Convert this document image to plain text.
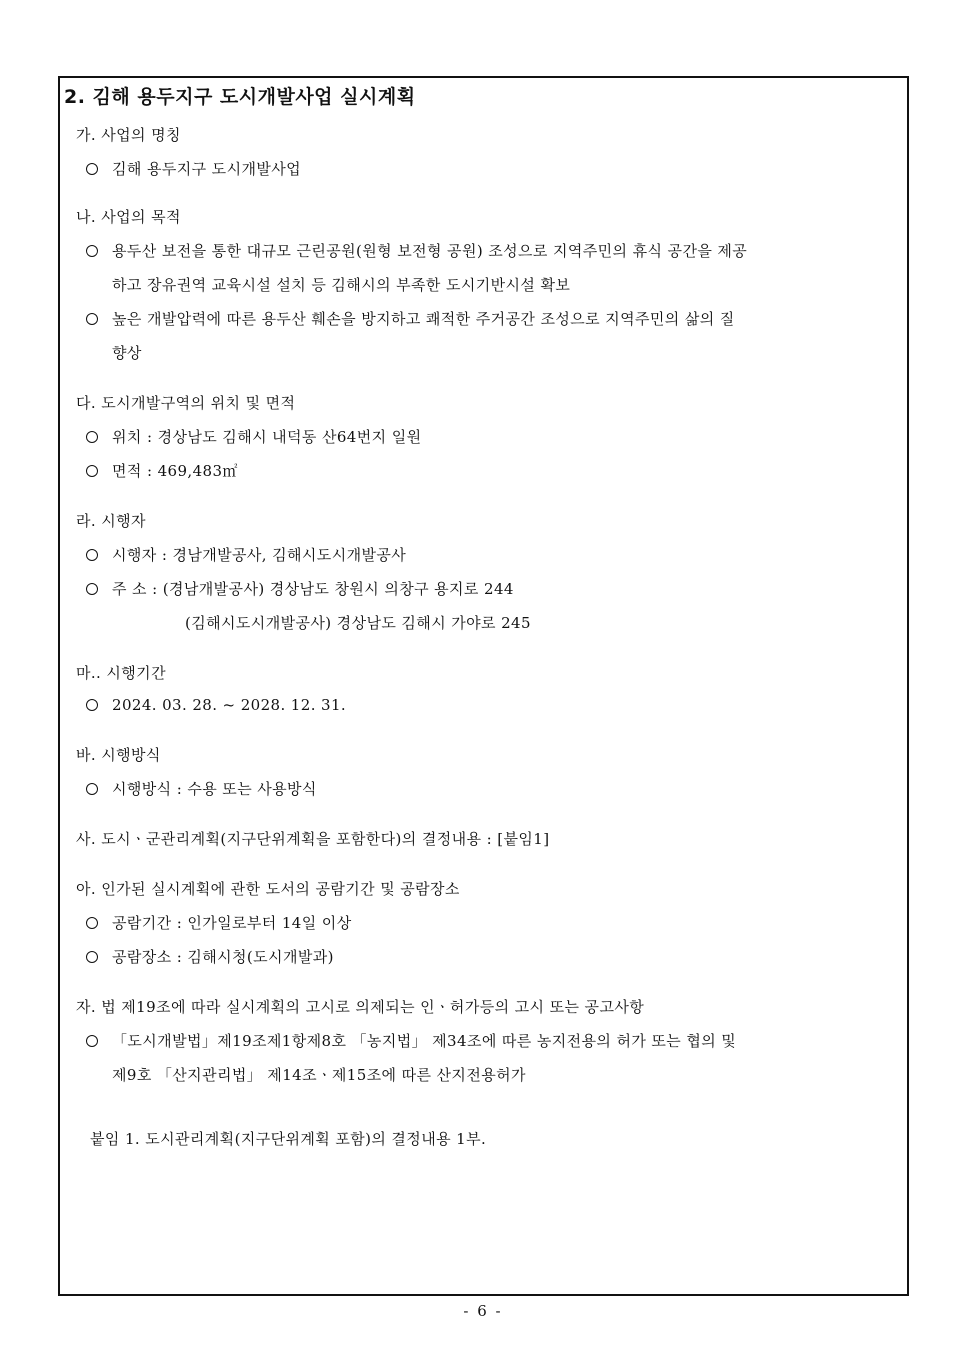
2. 김해 용두지구 도시개발사업 실시계획
가. 사업의 명칭
김해 용두지구 도시개발사업
나. 사업의 목적
용두산 보전을 통한 대규모 근린공원(원형 보전형 공원) 조성으로 지역주민의 휴식 공간을 제공
하고 장유권역 교육시설 설치 등 김해시의 부족한 도시기반시설 확보
높은 개발압력에 따른 용두산 훼손을 방지하고 쾌적한 주거공간 조성으로 지역주민의 삶의 질
향상
다. 도시개발구역의 위치 및 면적
위치 : 경상남도 김해시 내덕동 산64번지 일원
면적 : 469,483㎡
라. 시행자
시행자 : 경남개발공사, 김해시도시개발공사
주 소 : (경남개발공사) 경상남도 창원시 의창구 용지로 244
(김해시도시개발공사) 경상남도 김해시 가야로 245
마.. 시행기간
2024. 03. 28. ~ 2028. 12. 31.
바. 시행방식
시행방식 : 수용 또는 사용방식
사. 도시ㆍ군관리계획(지구단위계획을 포함한다)의 결정내용 : [붙임1]
아. 인가된 실시계획에 관한 도서의 공람기간 및 공람장소
공람기간 : 인가일로부터 14일 이상
공람장소 : 김해시청(도시개발과)
자. 법 제19조에 따라 실시계획의 고시로 의제되는 인ㆍ허가등의 고시 또는 공고사항
「도시개발법」제19조제1항제8호 「농지법」 제34조에 따른 농지전용의 허가 또는 협의 및
제9호 「산지관리법」 제14조ㆍ제15조에 따른 산지전용허가
붙임 1. 도시관리계획(지구단위계획 포함)의 결정내용 1부.
- 6 -
